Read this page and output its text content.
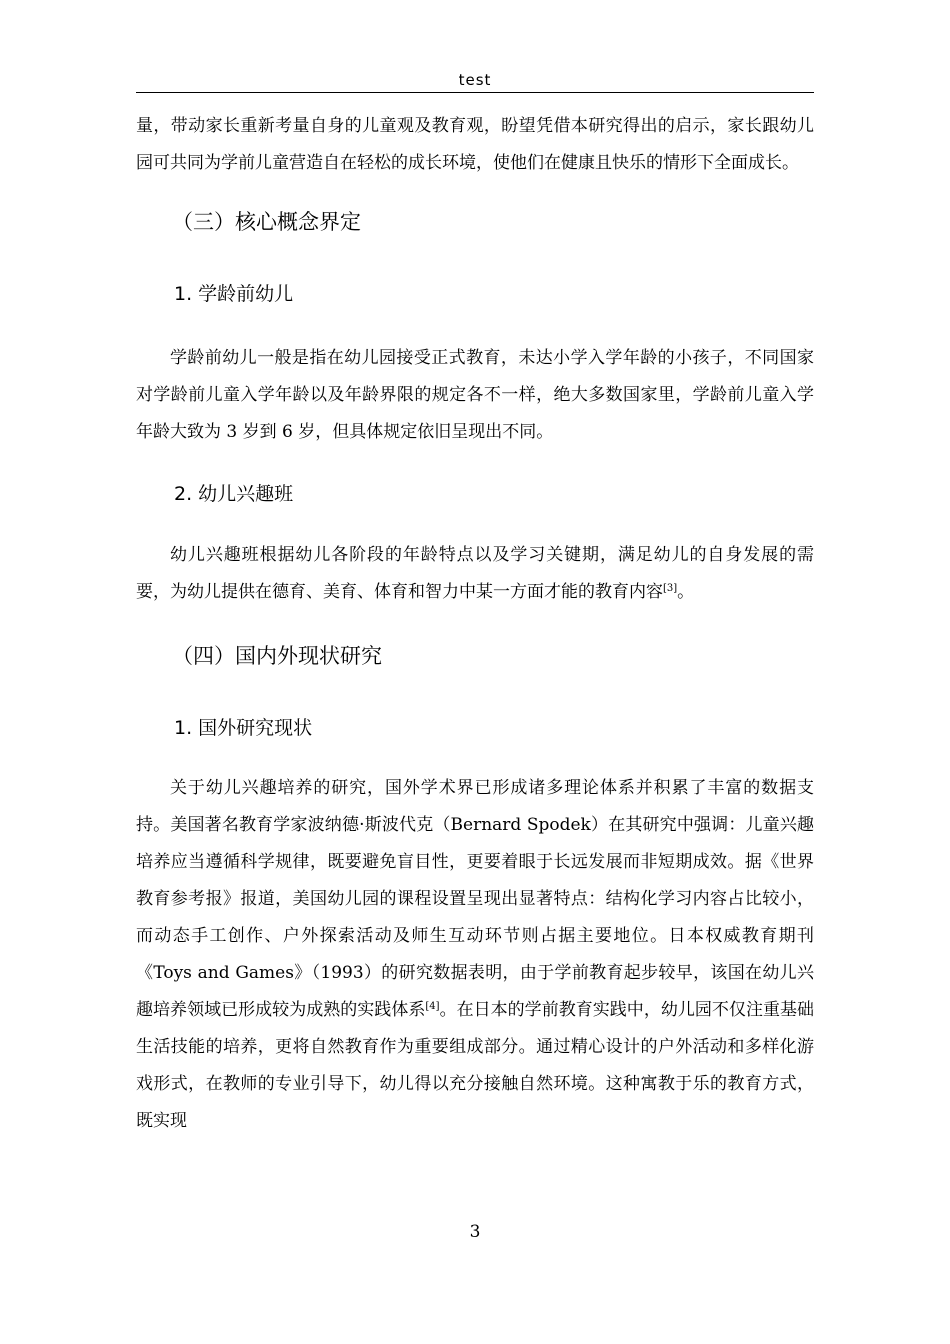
test

量，带动家长重新考量自身的儿童观及教育观，盼望凭借本研究得出的启示，家长跟幼儿园可共同为学前儿童营造自在轻松的成长环境，使他们在健康且快乐的情形下全面成长。

（三）核心概念界定
1. 学龄前幼儿

学龄前幼儿一般是指在幼儿园接受正式教育，未达小学入学年龄的小孩子，不同国家对学龄前儿童入学年龄以及年龄界限的规定各不一样，绝大多数国家里，学龄前儿童入学年龄大致为 3 岁到 6 岁，但具体规定依旧呈现出不同。

2. 幼儿兴趣班

幼儿兴趣班根据幼儿各阶段的年龄特点以及学习关键期，满足幼儿的自身发展的需要，为幼儿提供在德育、美育、体育和智力中某一方面才能的教育内容[3]。

（四）国内外现状研究
1. 国外研究现状

关于幼儿兴趣培养的研究，国外学术界已形成诸多理论体系并积累了丰富的数据支持。美国著名教育学家波纳德·斯波代克（Bernard Spodek）在其研究中强调：儿童兴趣培养应当遵循科学规律，既要避免盲目性，更要着眼于长远发展而非短期成效。据《世界教育参考报》报道，美国幼儿园的课程设置呈现出显著特点：结构化学习内容占比较小，而动态手工创作、户外探索活动及师生互动环节则占据主要地位。日本权威教育期刊《Toys and Games》（1993）的研究数据表明，由于学前教育起步较早，该国在幼儿兴趣培养领域已形成较为成熟的实践体系[4]。在日本的学前教育实践中，幼儿园不仅注重基础生活技能的培养，更将自然教育作为重要组成部分。通过精心设计的户外活动和多样化游戏形式，在教师的专业引导下，幼儿得以充分接触自然环境。这种寓教于乐的教育方式，既实现

3
